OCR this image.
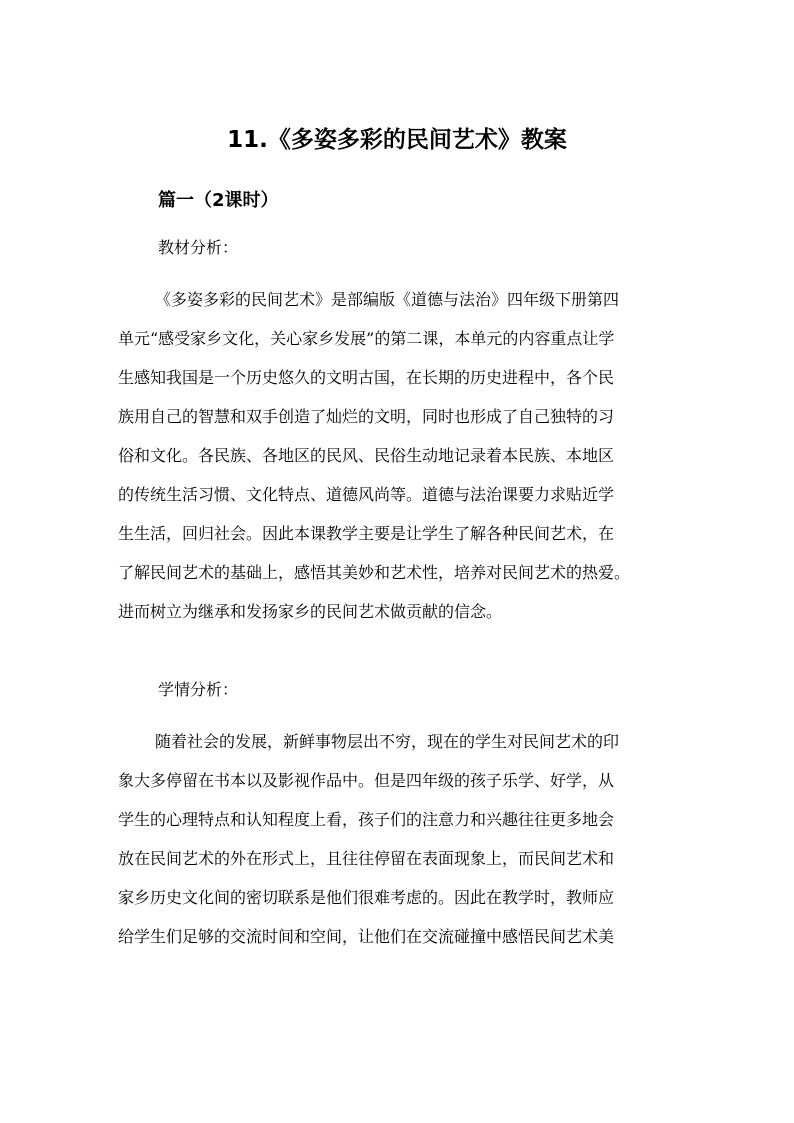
11.《多姿多彩的民间艺术》教案
篇一（2课时）
教材分析：
《多姿多彩的民间艺术》是部编版《道德与法治》四年级下册第四
单元“感受家乡文化，关心家乡发展”的第二课，本单元的内容重点让学
生感知我国是一个历史悠久的文明古国，在长期的历史进程中，各个民
族用自己的智慧和双手创造了灿烂的文明，同时也形成了自己独特的习
俗和文化。各民族、各地区的民风、民俗生动地记录着本民族、本地区
的传统生活习惯、文化特点、道德风尚等。道德与法治课要力求贴近学
生生活，回归社会。因此本课教学主要是让学生了解各种民间艺术，在
了解民间艺术的基础上，感悟其美妙和艺术性，培养对民间艺术的热爱。
进而树立为继承和发扬家乡的民间艺术做贡献的信念。
学情分析：
随着社会的发展，新鲜事物层出不穷，现在的学生对民间艺术的印
象大多停留在书本以及影视作品中。但是四年级的孩子乐学、好学，从
学生的心理特点和认知程度上看，孩子们的注意力和兴趣往往更多地会
放在民间艺术的外在形式上，且往往停留在表面现象上，而民间艺术和
家乡历史文化间的密切联系是他们很难考虑的。因此在教学时，教师应
给学生们足够的交流时间和空间，让他们在交流碰撞中感悟民间艺术美
